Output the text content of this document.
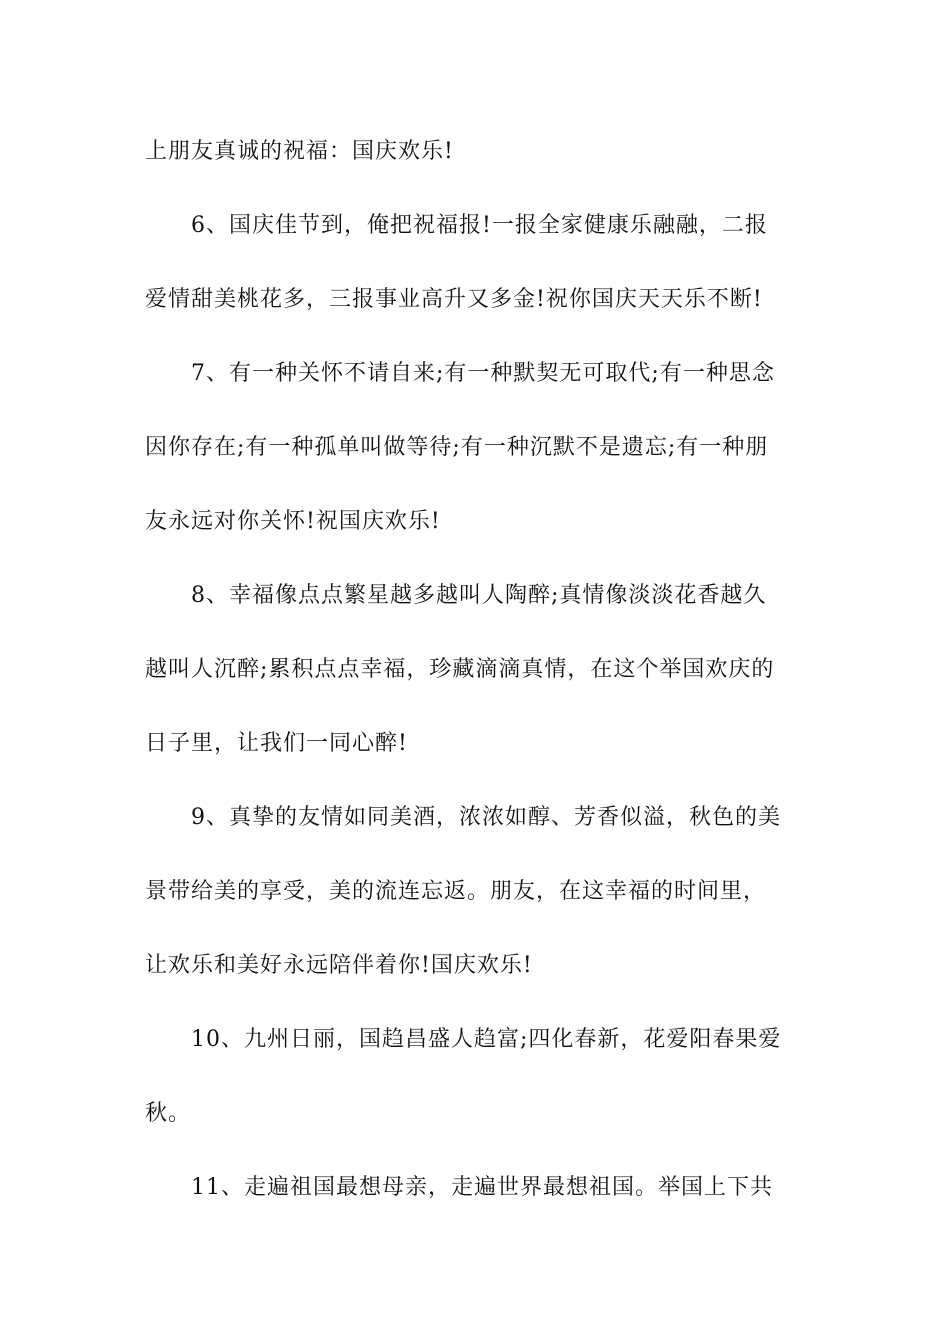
上朋友真诚的祝福：国庆欢乐!
6、国庆佳节到，俺把祝福报!一报全家健康乐融融，二报
爱情甜美桃花多，三报事业高升又多金!祝你国庆天天乐不断!
7、有一种关怀不请自来;有一种默契无可取代;有一种思念
因你存在;有一种孤单叫做等待;有一种沉默不是遗忘;有一种朋
友永远对你关怀!祝国庆欢乐!
8、幸福像点点繁星越多越叫人陶醉;真情像淡淡花香越久
越叫人沉醉;累积点点幸福，珍藏滴滴真情，在这个举国欢庆的
日子里，让我们一同心醉!
9、真挚的友情如同美酒，浓浓如醇、芳香似溢，秋色的美
景带给美的享受，美的流连忘返。朋友，在这幸福的时间里，
让欢乐和美好永远陪伴着你!国庆欢乐!
10、九州日丽，国趋昌盛人趋富;四化春新，花爱阳春果爱
秋。
11、走遍祖国最想母亲，走遍世界最想祖国。举国上下共
